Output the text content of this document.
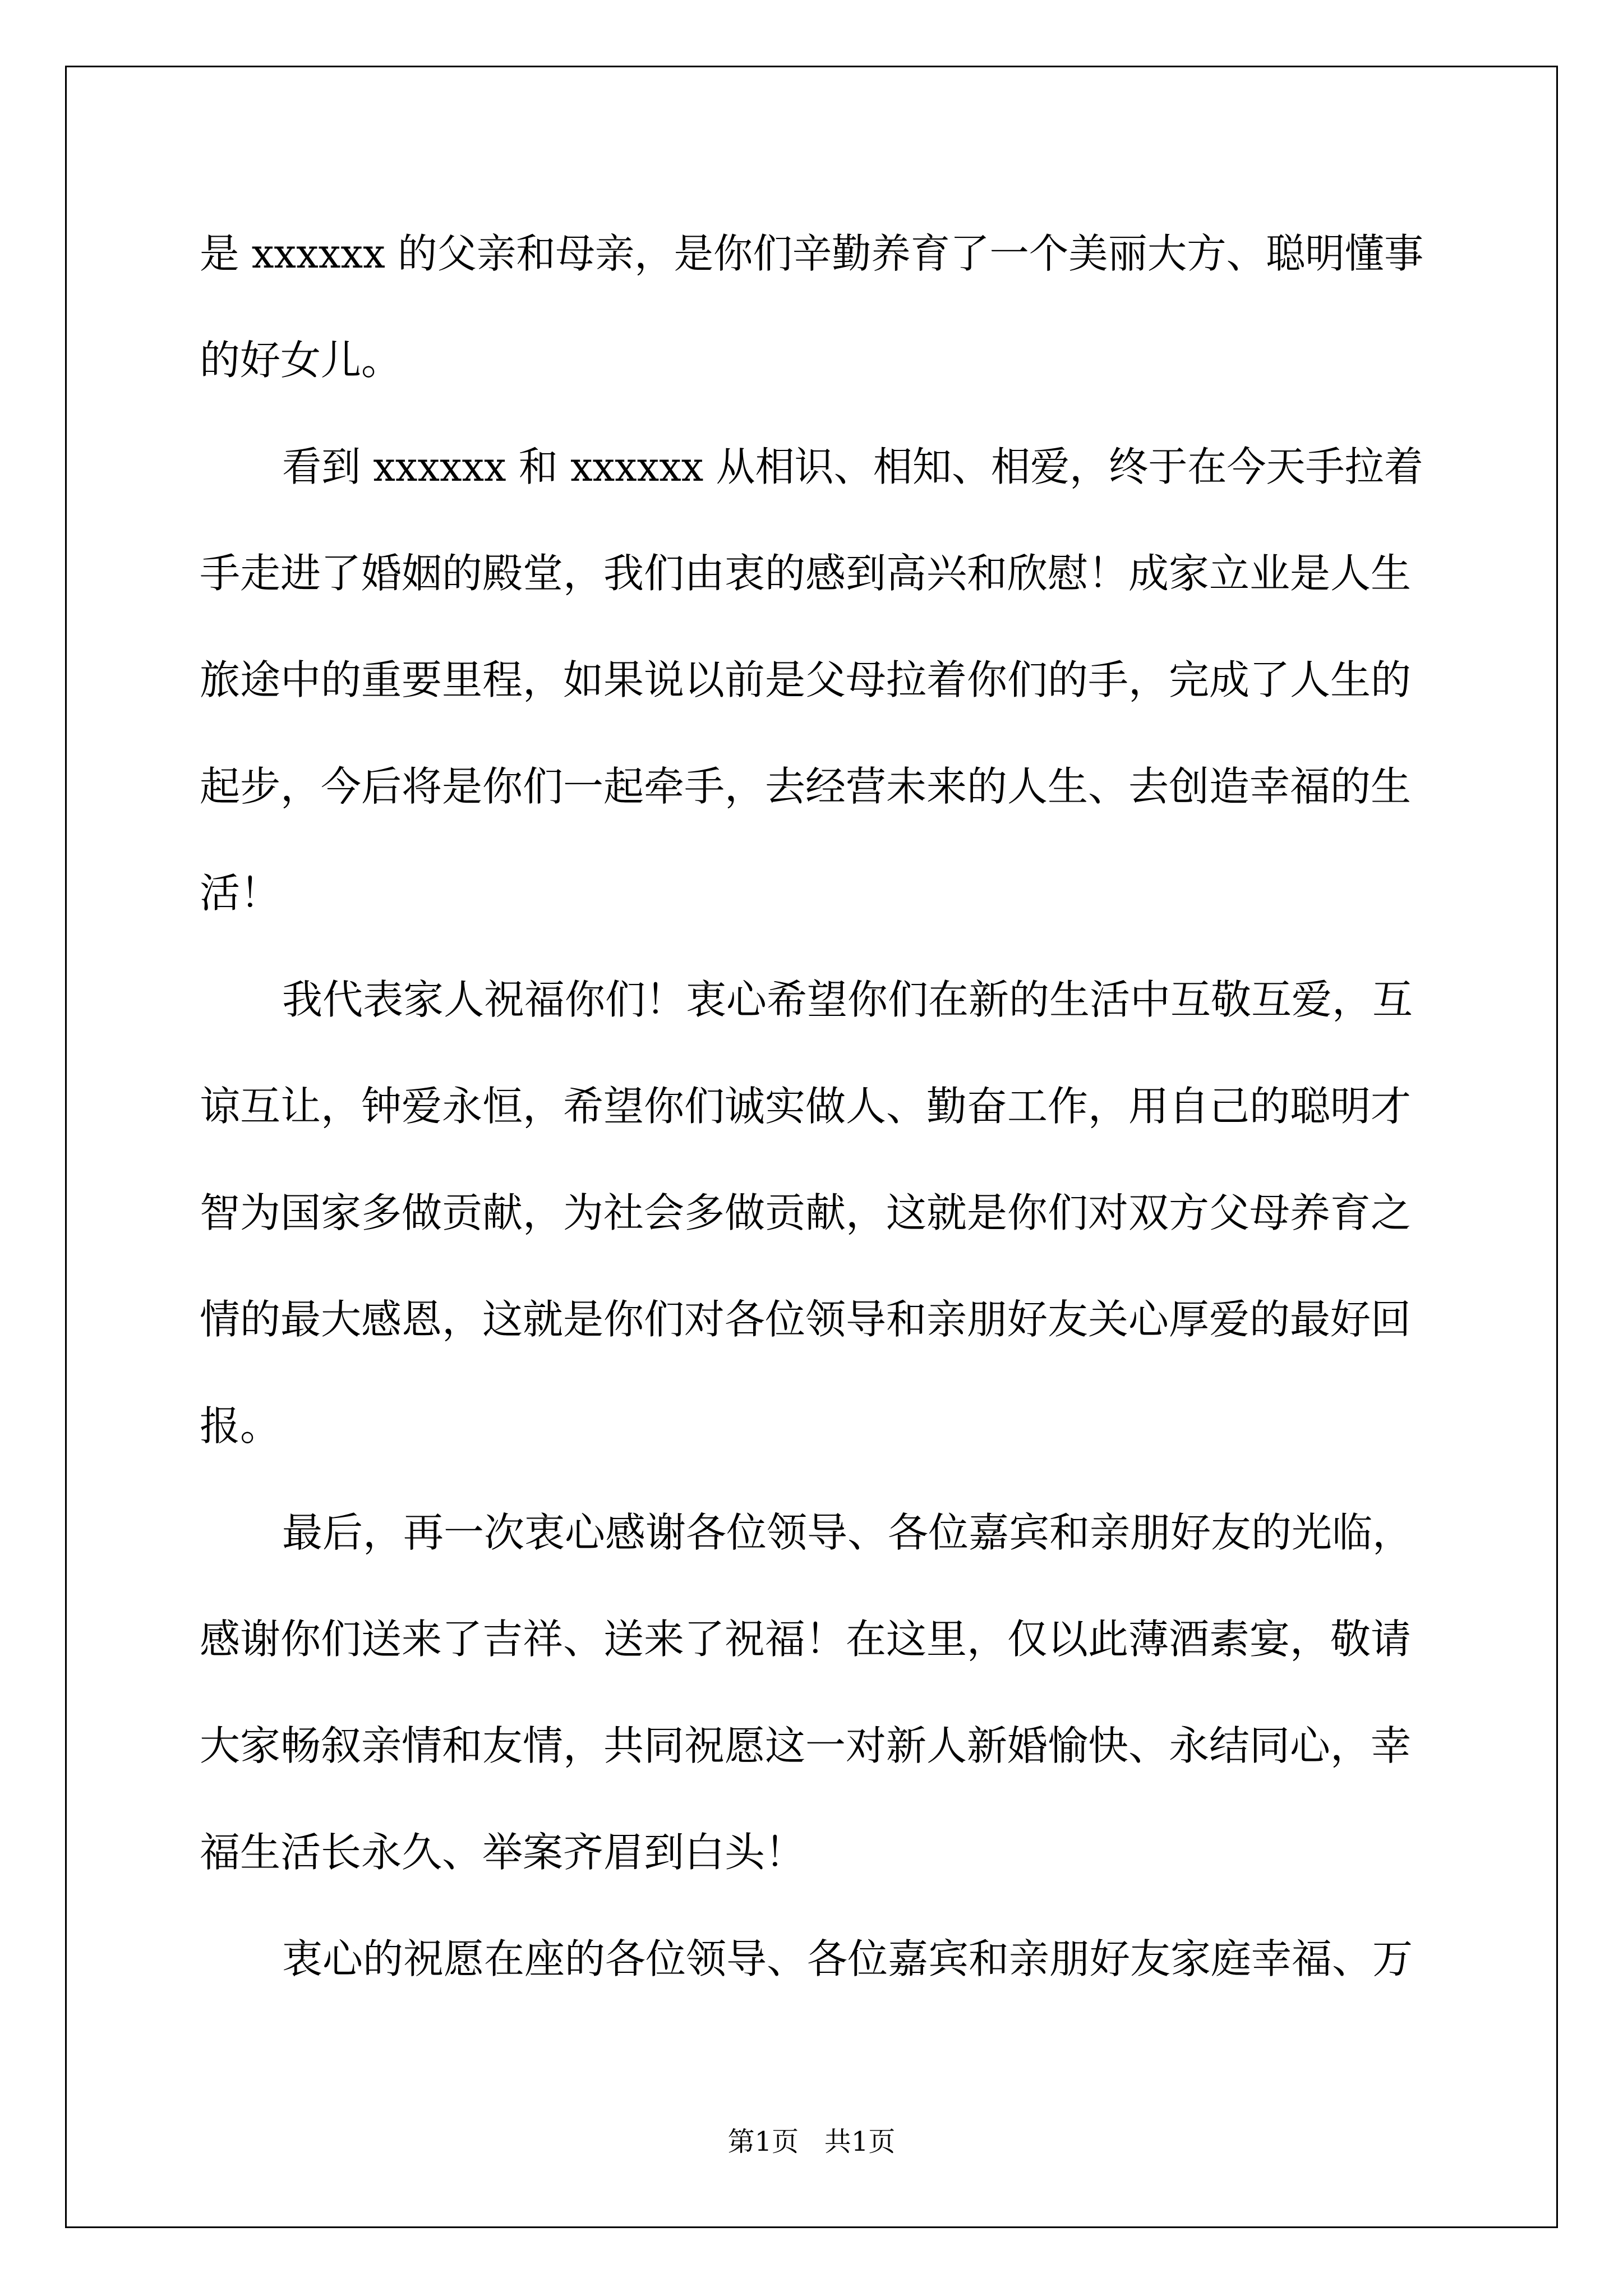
是 xxxxxx 的父亲和母亲，是你们辛勤养育了一个美丽大方、聪明懂事
的好女儿。
看到 xxxxxx 和 xxxxxx 从相识、相知、相爱，终于在今天手拉着
手走进了婚姻的殿堂，我们由衷的感到高兴和欣慰！成家立业是人生
旅途中的重要里程，如果说以前是父母拉着你们的手，完成了人生的
起步，今后将是你们一起牵手，去经营未来的人生、去创造幸福的生
活！
我代表家人祝福你们！衷心希望你们在新的生活中互敬互爱，互
谅互让，钟爱永恒，希望你们诚实做人、勤奋工作，用自己的聪明才
智为国家多做贡献，为社会多做贡献，这就是你们对双方父母养育之
情的最大感恩，这就是你们对各位领导和亲朋好友关心厚爱的最好回
报。
最后，再一次衷心感谢各位领导、各位嘉宾和亲朋好友的光临，
感谢你们送来了吉祥、送来了祝福！在这里，仅以此薄酒素宴，敬请
大家畅叙亲情和友情，共同祝愿这一对新人新婚愉快、永结同心，幸
福生活长永久、举案齐眉到白头！
衷心的祝愿在座的各位领导、各位嘉宾和亲朋好友家庭幸福、万
第1页   共1页
